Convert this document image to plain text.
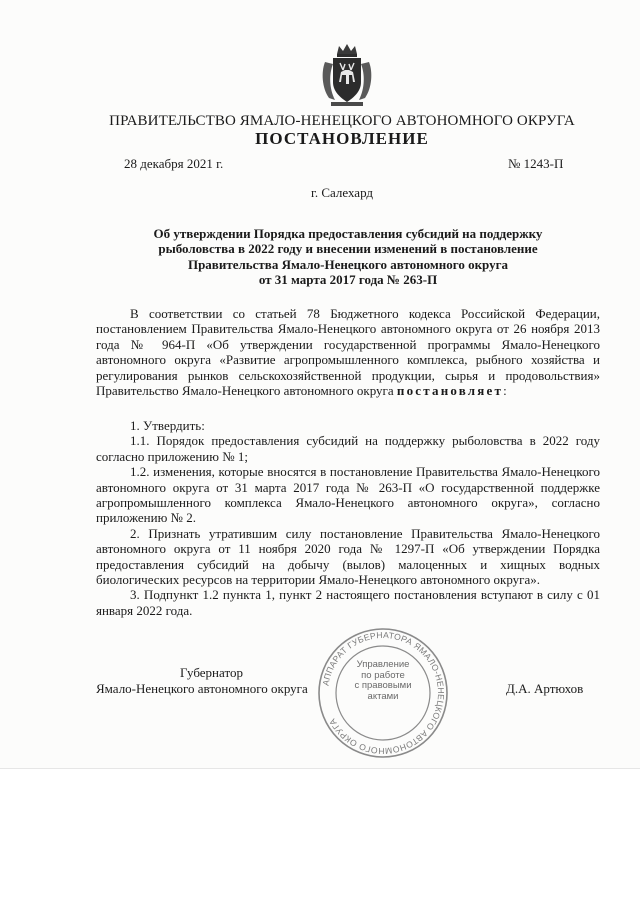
ПРАВИТЕЛЬСТВО ЯМАЛО-НЕНЕЦКОГО АВТОНОМНОГО ОКРУГА
ПОСТАНОВЛЕНИЕ
28 декабря 2021 г.	№ 1243-П
г. Салехард
Об утверждении Порядка предоставления субсидий на поддержку
рыболовства в 2022 году и внесении изменений в постановление
Правительства Ямало-Ненецкого автономного округа
от 31 марта 2017 года № 263-П

В соответствии со статьей 78 Бюджетного кодекса Российской Федерации, постановлением Правительства Ямало-Ненецкого автономного округа от 26 ноября 2013 года № 964-П «Об утверждении государственной программы Ямало-Ненецкого автономного округа «Развитие агропромышленного комплекса, рыбного хозяйства и регулирования рынков сельскохозяйственной продукции, сырья и продовольствия» Правительство Ямало-Ненецкого автономного округа постановляет:

1. Утвердить:

1.1. Порядок предоставления субсидий на поддержку рыболовства в 2022 году согласно приложению № 1;

1.2. изменения, которые вносятся в постановление Правительства Ямало-Ненецкого автономного округа от 31 марта 2017 года № 263-П «О государственной поддержке агропромышленного комплекса Ямало-Ненецкого автономного округа», согласно приложению № 2.

2. Признать утратившим силу постановление Правительства Ямало-Ненецкого автономного округа от 11 ноября 2020 года № 1297-П «Об утверждении Порядка предоставления субсидий на добычу (вылов) малоценных и хищных водных биологических ресурсов на территории Ямало-Ненецкого автономного округа».

3. Подпункт 1.2 пункта 1, пункт 2 настоящего постановления вступают в силу с 01 января 2022 года.

АППАРАТ ГУБЕРНАТОРА ЯМАЛО-НЕНЕЦКОГО АВТОНОМНОГО ОКРУГА
Управление
по работе
с правовыми
актами
Губернатор
Ямало-Ненецкого автономного округа	Д.А. Артюхов
